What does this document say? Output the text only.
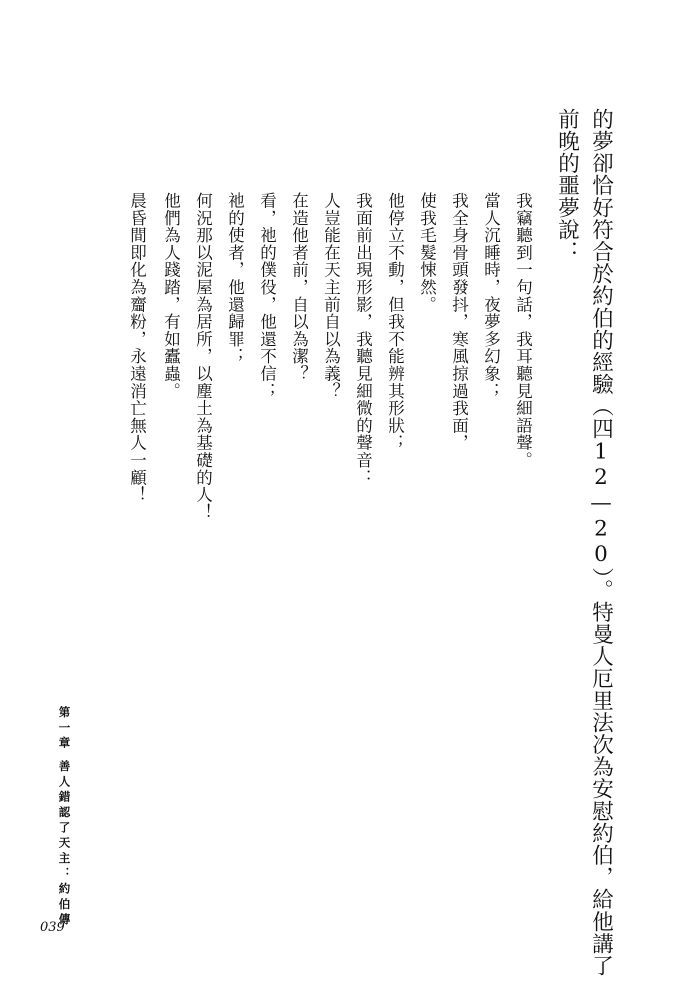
的夢卻恰好符合於約伯的經驗（四12—20）。特曼人厄里法次為安慰約伯，給他講了

前晚的噩夢說：

我竊聽到一句話，我耳聽見細語聲。

當人沉睡時，夜夢多幻象；

我全身骨頭發抖，寒風掠過我面，

使我毛髮悚然。

他停立不動，但我不能辨其形狀；

我面前出現形影，我聽見細微的聲音：

人豈能在天主前自以為義？

在造他者前，自以為潔？

看，祂的僕役，他還不信；

祂的使者，他還歸罪；

何況那以泥屋為居所，以塵土為基礎的人！

他們為人踐踏，有如蠹蟲。

晨昏間即化為齏粉，永遠消亡無人一顧！

第一章

善人錯認了天主：約伯傳

039
